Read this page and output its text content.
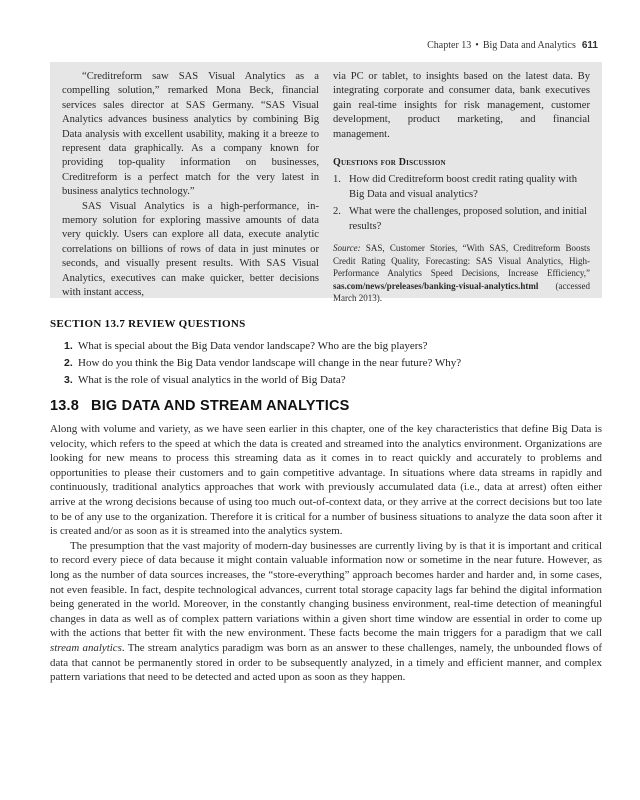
Chapter 13 • Big Data and Analytics 611

“Creditreform saw SAS Visual Analytics as a compelling solution,” remarked Mona Beck, financial services sales director at SAS Germany. “SAS Visual Analytics advances business analytics by combining Big Data analysis with excellent usability, making it a breeze to represent data graphically. As a company known for providing top-quality information on businesses, Creditreform is a perfect match for the very latest in business analytics technology.”

SAS Visual Analytics is a high-performance, in-memory solution for exploring massive amounts of data very quickly. Users can explore all data, execute analytic correlations on billions of rows of data in just minutes or seconds, and visually present results. With SAS Visual Analytics, executives can make quicker, better decisions with instant access,

via PC or tablet, to insights based on the latest data. By integrating corporate and consumer data, bank executives gain real-time insights for risk management, customer development, product marketing, and financial management.

Questions for Discussion
1. How did Creditreform boost credit rating quality with Big Data and visual analytics?
2. What were the challenges, proposed solution, and initial results?
Source: SAS, Customer Stories, “With SAS, Creditreform Boosts Credit Rating Quality, Forecasting: SAS Visual Analytics, High-Performance Analytics Speed Decisions, Increase Efficiency,” sas.com/news/preleases/banking-visual-analytics.html (accessed March 2013).
SECTION 13.7 REVIEW QUESTIONS
1. What is special about the Big Data vendor landscape? Who are the big players?
2. How do you think the Big Data vendor landscape will change in the near future? Why?
3. What is the role of visual analytics in the world of Big Data?
13.8 BIG DATA AND STREAM ANALYTICS

Along with volume and variety, as we have seen earlier in this chapter, one of the key characteristics that define Big Data is velocity, which refers to the speed at which the data is created and streamed into the analytics environment. Organizations are looking for new means to process this streaming data as it comes in to react quickly and accurately to problems and opportunities to please their customers and to gain competitive advantage. In situations where data streams in rapidly and continuously, traditional analytics approaches that work with previously accumulated data (i.e., data at arrest) often either arrive at the wrong decisions because of using too much out-of-context data, or they arrive at the correct decisions but too late to be of any use to the organization. Therefore it is critical for a number of business situations to analyze the data soon after it is created and/or as soon as it is streamed into the analytics system.

The presumption that the vast majority of modern-day businesses are currently living by is that it is important and critical to record every piece of data because it might contain valuable information now or sometime in the near future. However, as long as the number of data sources increases, the “store-everything” approach becomes harder and harder and, in some cases, not even feasible. In fact, despite technological advances, current total storage capacity lags far behind the digital information being generated in the world. Moreover, in the constantly changing business environment, real-time detection of meaningful changes in data as well as of complex pattern variations within a given short time window are essential in order to come up with the actions that better fit with the new environment. These facts become the main triggers for a paradigm that we call stream analytics. The stream analytics paradigm was born as an answer to these challenges, namely, the unbounded flows of data that cannot be permanently stored in order to be subsequently analyzed, in a timely and efficient manner, and complex pattern variations that need to be detected and acted upon as soon as they happen.
